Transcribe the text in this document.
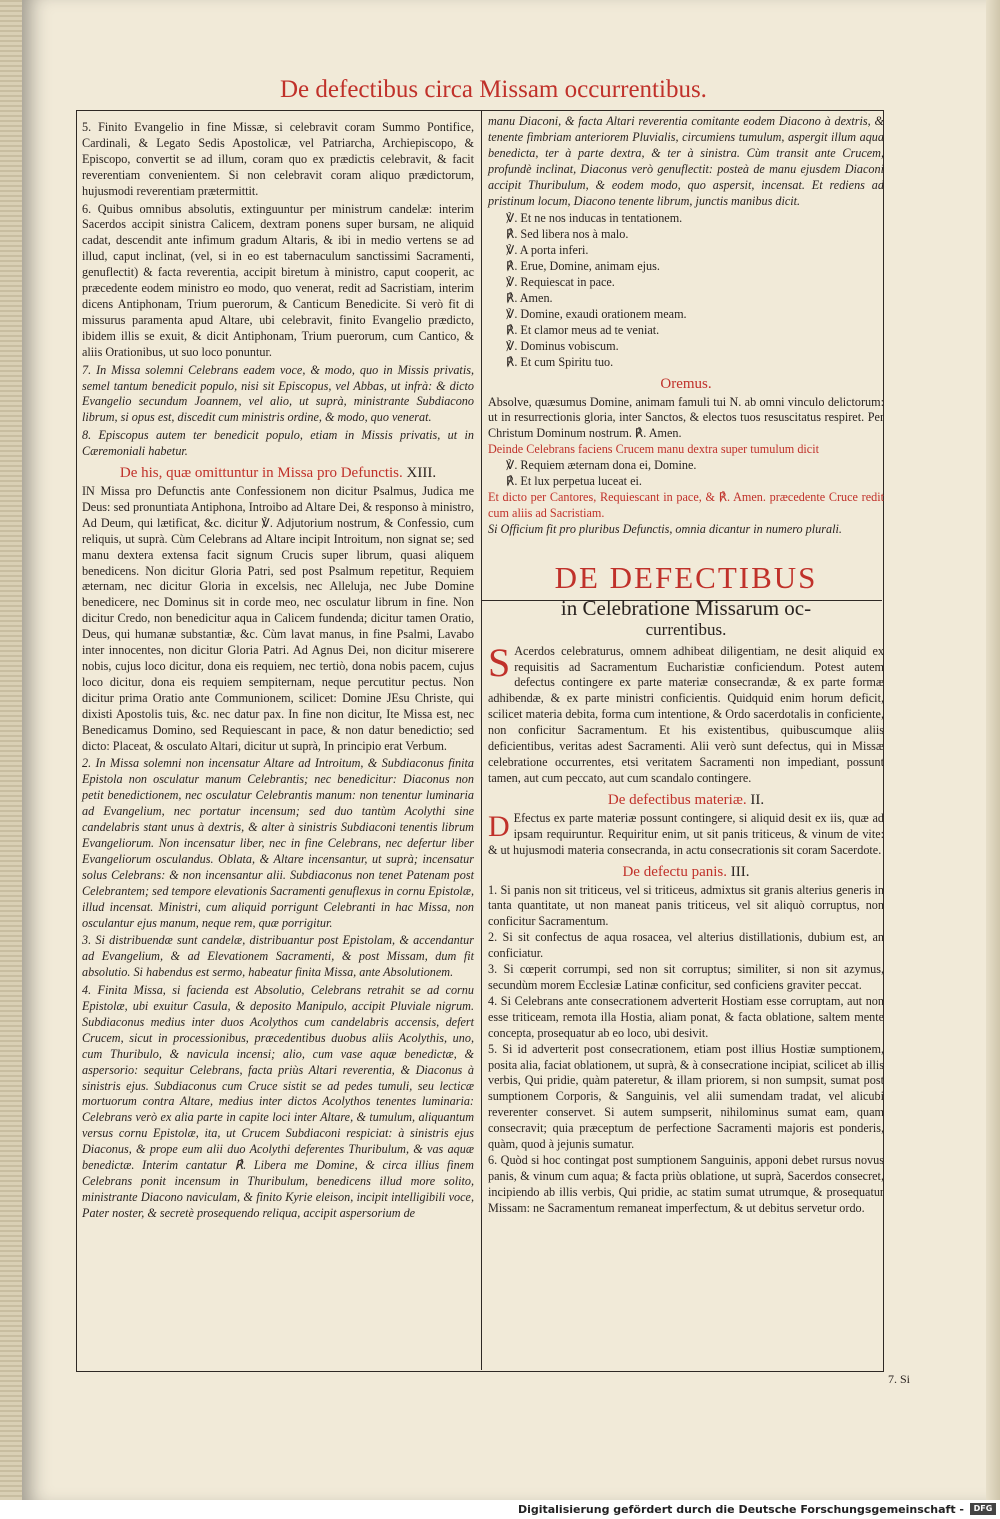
De defectibus circa Missam occurrentibus.

5. Finito Evangelio in fine Missæ, si celebravit coram Summo Pontifice, Cardinali, & Legato Sedis Apostolicæ, vel Patriarcha, Archiepiscopo, & Episcopo, convertit se ad illum, coram quo ex prædictis celebravit, & facit reverentiam convenientem. Si non celebravit coram aliquo prædictorum, hujusmodi reverentiam prætermittit.

6. Quibus omnibus absolutis, extinguuntur per ministrum candelæ: interim Sacerdos accipit sinistra Calicem, dextram ponens super bursam, ne aliquid cadat, descendit ante infimum gradum Altaris, & ibi in medio vertens se ad illud, caput inclinat, (vel, si in eo est tabernaculum sanctissimi Sacramenti, genuflectit) & facta reverentia, accipit biretum à ministro, caput cooperit, ac præcedente eodem ministro eo modo, quo venerat, redit ad Sacristiam, interim dicens Antiphonam, Trium puerorum, & Canticum Benedicite. Si verò fit di missurus paramenta apud Altare, ubi celebravit, finito Evangelio prædicto, ibidem illis se exuit, & dicit Antiphonam, Trium puerorum, cum Cantico, & aliis Orationibus, ut suo loco ponuntur.

7. In Missa solemni Celebrans eadem voce, & modo, quo in Missis privatis, semel tantum benedicit populo, nisi sit Episcopus, vel Abbas, ut infrà: & dicto Evangelio secundum Joannem, vel alio, ut suprà, ministrante Subdiacono librum, si opus est, discedit cum ministris ordine, & modo, quo venerat.

8. Episcopus autem ter benedicit populo, etiam in Missis privatis, ut in Cæremoniali habetur.

De his, quæ omittuntur in Missa pro Defunctis. XIII.

IN Missa pro Defunctis ante Confessionem non dicitur Psalmus, Judica me Deus: sed pronuntiata Antiphona, Introibo ad Altare Dei, & responso à ministro, Ad Deum, qui lætificat, &c. dicitur ℣. Adjutorium nostrum, & Confessio, cum reliquis, ut suprà. Cùm Celebrans ad Altare incipit Introitum, non signat se; sed manu dextera extensa facit signum Crucis super librum, quasi aliquem benedicens. Non dicitur Gloria Patri, sed post Psalmum repetitur, Requiem æternam, nec dicitur Gloria in excelsis, nec Alleluja, nec Jube Domine benedicere, nec Dominus sit in corde meo, nec osculatur librum in fine. Non dicitur Credo, non benedicitur aqua in Calicem fundenda; dicitur tamen Oratio, Deus, qui humanæ substantiæ, &c. Cùm lavat manus, in fine Psalmi, Lavabo inter innocentes, non dicitur Gloria Patri. Ad Agnus Dei, non dicitur miserere nobis, cujus loco dicitur, dona eis requiem, nec tertiò, dona nobis pacem, cujus loco dicitur, dona eis requiem sempiternam, neque percutitur pectus. Non dicitur prima Oratio ante Communionem, scilicet: Domine JEsu Christe, qui dixisti Apostolis tuis, &c. nec datur pax. In fine non dicitur, Ite Missa est, nec Benedicamus Domino, sed Requiescant in pace, & non datur benedictio; sed dicto: Placeat, & osculato Altari, dicitur ut suprà, In principio erat Verbum.

2. In Missa solemni non incensatur Altare ad Introitum, & Subdiaconus finita Epistola non osculatur manum Celebrantis; nec benedicitur: Diaconus non petit benedictionem, nec osculatur Celebrantis manum: non tenentur luminaria ad Evangelium, nec portatur incensum; sed duo tantùm Acolythi sine candelabris stant unus à dextris, & alter à sinistris Subdiaconi tenentis librum Evangeliorum. Non incensatur liber, nec in fine Celebrans, nec defertur liber Evangeliorum osculandus. Oblata, & Altare incensantur, ut suprà; incensatur solus Celebrans: & non incensantur alii. Subdiaconus non tenet Patenam post Celebrantem; sed tempore elevationis Sacramenti genuflexus in cornu Epistolæ, illud incensat. Ministri, cum aliquid porrigunt Celebranti in hac Missa, non osculantur ejus manum, neque rem, quæ porrigitur.

3. Si distribuendæ sunt candelæ, distribuantur post Epistolam, & accendantur ad Evangelium, & ad Elevationem Sacramenti, & post Missam, dum fit absolutio. Si habendus est sermo, habeatur finita Missa, ante Absolutionem.

4. Finita Missa, si facienda est Absolutio, Celebrans retrahit se ad cornu Epistolæ, ubi exuitur Casula, & deposito Manipulo, accipit Pluviale nigrum. Subdiaconus medius inter duos Acolythos cum candelabris accensis, defert Crucem, sicut in processionibus, præcedentibus duobus aliis Acolythis, uno, cum Thuribulo, & navicula incensi; alio, cum vase aquæ benedictæ, & aspersorio: sequitur Celebrans, facta priùs Altari reverentia, & Diaconus à sinistris ejus. Subdiaconus cum Cruce sistit se ad pedes tumuli, seu lecticæ mortuorum contra Altare, medius inter dictos Acolythos tenentes luminaria: Celebrans verò ex alia parte in capite loci inter Altare, & tumulum, aliquantum versus cornu Epistolæ, ita, ut Crucem Subdiaconi respiciat: à sinistris ejus Diaconus, & prope eum alii duo Acolythi deferentes Thuribulum, & vas aquæ benedictæ. Interim cantatur ℟. Libera me Domine, & circa illius finem Celebrans ponit incensum in Thuribulum, benedicens illud more solito, ministrante Diacono naviculam, & finito Kyrie eleison, incipit intelligibili voce, Pater noster, & secretè prosequendo reliqua, accipit aspersorium de

manu Diaconi, & facta Altari reverentia comitante eodem Diacono à dextris, & tenente fimbriam anteriorem Pluvialis, circumiens tumulum, aspergit illum aqua benedicta, ter à parte dextra, & ter à sinistra. Cùm transit ante Crucem, profundè inclinat, Diaconus verò genuflectit: posteà de manu ejusdem Diaconi accipit Thuribulum, & eodem modo, quo aspersit, incensat. Et rediens ad pristinum locum, Diacono tenente librum, junctis manibus dicit.

℣. Et ne nos inducas in tentationem.
℟. Sed libera nos à malo.
℣. A porta inferi.
℟. Erue, Domine, animam ejus.
℣. Requiescat in pace.
℟. Amen.
℣. Domine, exaudi orationem meam.
℟. Et clamor meus ad te veniat.
℣. Dominus vobiscum.
℟. Et cum Spiritu tuo.
Oremus.

Absolve, quæsumus Domine, animam famuli tui N. ab omni vinculo delictorum: ut in resurrectionis gloria, inter Sanctos, & electos tuos resuscitatus respiret. Per Christum Dominum nostrum. ℟. Amen.

Deinde Celebrans faciens Crucem manu dextra super tumulum dicit

℣. Requiem æternam dona ei, Domine.
℟. Et lux perpetua luceat ei.

Et dicto per Cantores, Requiescant in pace, & ℟. Amen. præcedente Cruce redit cum aliis ad Sacristiam.

Si Officium fit pro pluribus Defunctis, omnia dicantur in numero plurali.

DE DEFECTIBUS
in Celebratione Missarum oc-
currentibus.

S Acerdos celebraturus, omnem adhibeat diligentiam, ne desit aliquid ex requisitis ad Sacramentum Eucharistiæ conficiendum. Potest autem defectus contingere ex parte materiæ consecrandæ, & ex parte formæ adhibendæ, & ex parte ministri conficientis. Quidquid enim horum deficit, scilicet materia debita, forma cum intentione, & Ordo sacerdotalis in conficiente, non conficitur Sacramentum. Et his existentibus, quibuscumque aliis deficientibus, veritas adest Sacramenti. Alii verò sunt defectus, qui in Missæ celebratione occurrentes, etsi veritatem Sacramenti non impediant, possunt tamen, aut cum peccato, aut cum scandalo contingere.

De defectibus materiæ. II.

D Efectus ex parte materiæ possunt contingere, si aliquid desit ex iis, quæ ad ipsam requiruntur. Requiritur enim, ut sit panis triticeus, & vinum de vite: & ut hujusmodi materia consecranda, in actu consecrationis sit coram Sacerdote.

De defectu panis. III.

1. Si panis non sit triticeus, vel si triticeus, admixtus sit granis alterius generis in tanta quantitate, ut non maneat panis triticeus, vel sit aliquò corruptus, non conficitur Sacramentum.

2. Si sit confectus de aqua rosacea, vel alterius distillationis, dubium est, an conficiatur.

3. Si cœperit corrumpi, sed non sit corruptus; similiter, si non sit azymus, secundùm morem Ecclesiæ Latinæ conficitur, sed conficiens graviter peccat.

4. Si Celebrans ante consecrationem adverterit Hostiam esse corruptam, aut non esse triticeam, remota illa Hostia, aliam ponat, & facta oblatione, saltem mente concepta, prosequatur ab eo loco, ubi desivit.

5. Si id adverterit post consecrationem, etiam post illius Hostiæ sumptionem, posita alia, faciat oblationem, ut suprà, & à consecratione incipiat, scilicet ab illis verbis, Qui pridie, quàm pateretur, & illam priorem, si non sumpsit, sumat post sumptionem Corporis, & Sanguinis, vel alii sumendam tradat, vel alicubi reverenter conservet. Si autem sumpserit, nihilominus sumat eam, quam consecravit; quia præceptum de perfectione Sacramenti majoris est ponderis, quàm, quod à jejunis sumatur.

6. Quòd si hoc contingat post sumptionem Sanguinis, apponi debet rursus novus panis, & vinum cum aqua; & facta priùs oblatione, ut suprà, Sacerdos consecret, incipiendo ab illis verbis, Qui pridie, ac statim sumat utrumque, & prosequatur Missam: ne Sacramentum remaneat imperfectum, & ut debitus servetur ordo.

7. Si
Digitalisierung gefördert durch die Deutsche Forschungsgemeinschaft -	DFG
